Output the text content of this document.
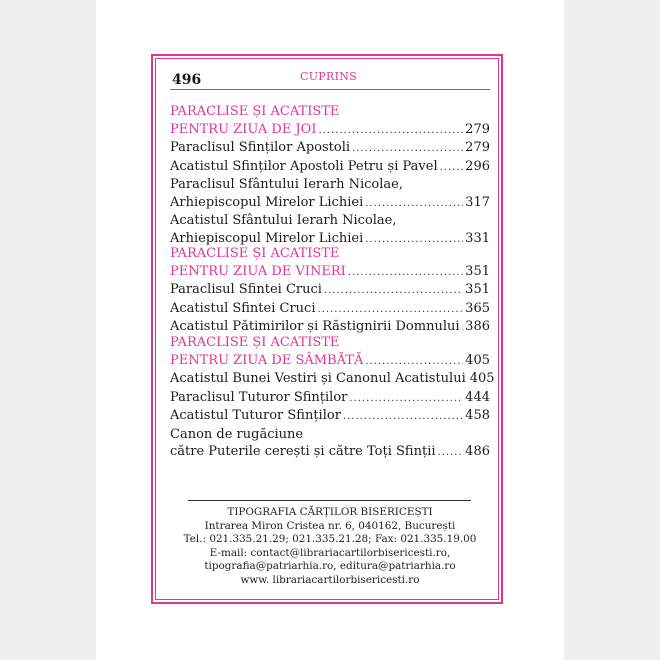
496	CUPRINS
PARACLISE ȘI ACATISTE
PENTRU ZIUA DE JOI .....	279
Paraclisul Sfinților Apostoli .....	279
Acatistul Sfinților Apostoli Petru și Pavel ..... 296
Paraclisul Sfântului Ierarh Nicolae,
Arhiepiscopul Mirelor Lichiei .....	317
Acatistul Sfântului Ierarh Nicolae,
Arhiepiscopul Mirelor Lichiei .....	331
PARACLISE ȘI ACATISTE
PENTRU ZIUA DE VINERI .....	351
Paraclisul Sfintei Cruci .....	351
Acatistul Sfintei Cruci .....	365
Acatistul Pătimirilor și Răstignirii Domnului ..... 386
PARACLISE ȘI ACATISTE
PENTRU ZIUA DE SÂMBĂTĂ .....	405
Acatistul Bunei Vestiri și Canonul Acatistului 405
Paraclisul Tuturor Sfinților .....	444
Acatistul Tuturor Sfinților .....	458
Canon de rugăciune
către Puterile cerești și către Toți Sfinții ..... 486
TIPOGRAFIA CĂRȚILOR BISERICEȘTI
Intrarea Miron Cristea nr. 6, 040162, București
Tel.: 021.335.21.29; 021.335.21.28; Fax: 021.335.19.00
E-mail: contact@librariacartilorbisericesti.ro,
tipografia@patriarhia.ro, editura@patriarhia.ro
www. librariacartilorbisericesti.ro
